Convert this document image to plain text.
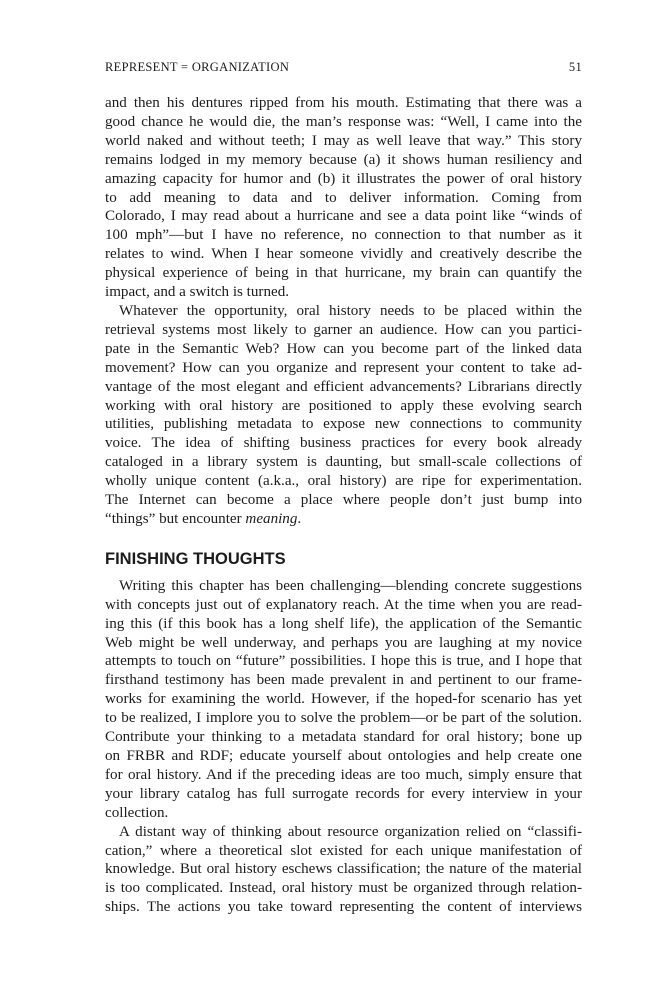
REPRESENT = ORGANIZATION	51
and then his dentures ripped from his mouth. Estimating that there was a
good chance he would die, the man’s response was: “Well, I came into the
world naked and without teeth; I may as well leave that way.” This story
remains lodged in my memory because (a) it shows human resiliency and
amazing capacity for humor and (b) it illustrates the power of oral history
to add meaning to data and to deliver information. Coming from
Colorado, I may read about a hurricane and see a data point like “winds of
100 mph”—but I have no reference, no connection to that number as it
relates to wind. When I hear someone vividly and creatively describe the
physical experience of being in that hurricane, my brain can quantify the
impact, and a switch is turned.
Whatever the opportunity, oral history needs to be placed within the
retrieval systems most likely to garner an audience. How can you partici-
pate in the Semantic Web? How can you become part of the linked data
movement? How can you organize and represent your content to take ad-
vantage of the most elegant and efficient advancements? Librarians directly
working with oral history are positioned to apply these evolving search
utilities, publishing metadata to expose new connections to community
voice. The idea of shifting business practices for every book already
cataloged in a library system is daunting, but small-scale collections of
wholly unique content (a.k.a., oral history) are ripe for experimentation.
The Internet can become a place where people don’t just bump into
“things” but encounter meaning.
FINISHING THOUGHTS
Writing this chapter has been challenging—blending concrete suggestions
with concepts just out of explanatory reach. At the time when you are read-
ing this (if this book has a long shelf life), the application of the Semantic
Web might be well underway, and perhaps you are laughing at my novice
attempts to touch on “future” possibilities. I hope this is true, and I hope that
firsthand testimony has been made prevalent in and pertinent to our frame-
works for examining the world. However, if the hoped-for scenario has yet
to be realized, I implore you to solve the problem—or be part of the solution.
Contribute your thinking to a metadata standard for oral history; bone up
on FRBR and RDF; educate yourself about ontologies and help create one
for oral history. And if the preceding ideas are too much, simply ensure that
your library catalog has full surrogate records for every interview in your
collection.
A distant way of thinking about resource organization relied on “classifi-
cation,” where a theoretical slot existed for each unique manifestation of
knowledge. But oral history eschews classification; the nature of the material
is too complicated. Instead, oral history must be organized through relation-
ships. The actions you take toward representing the content of interviews
